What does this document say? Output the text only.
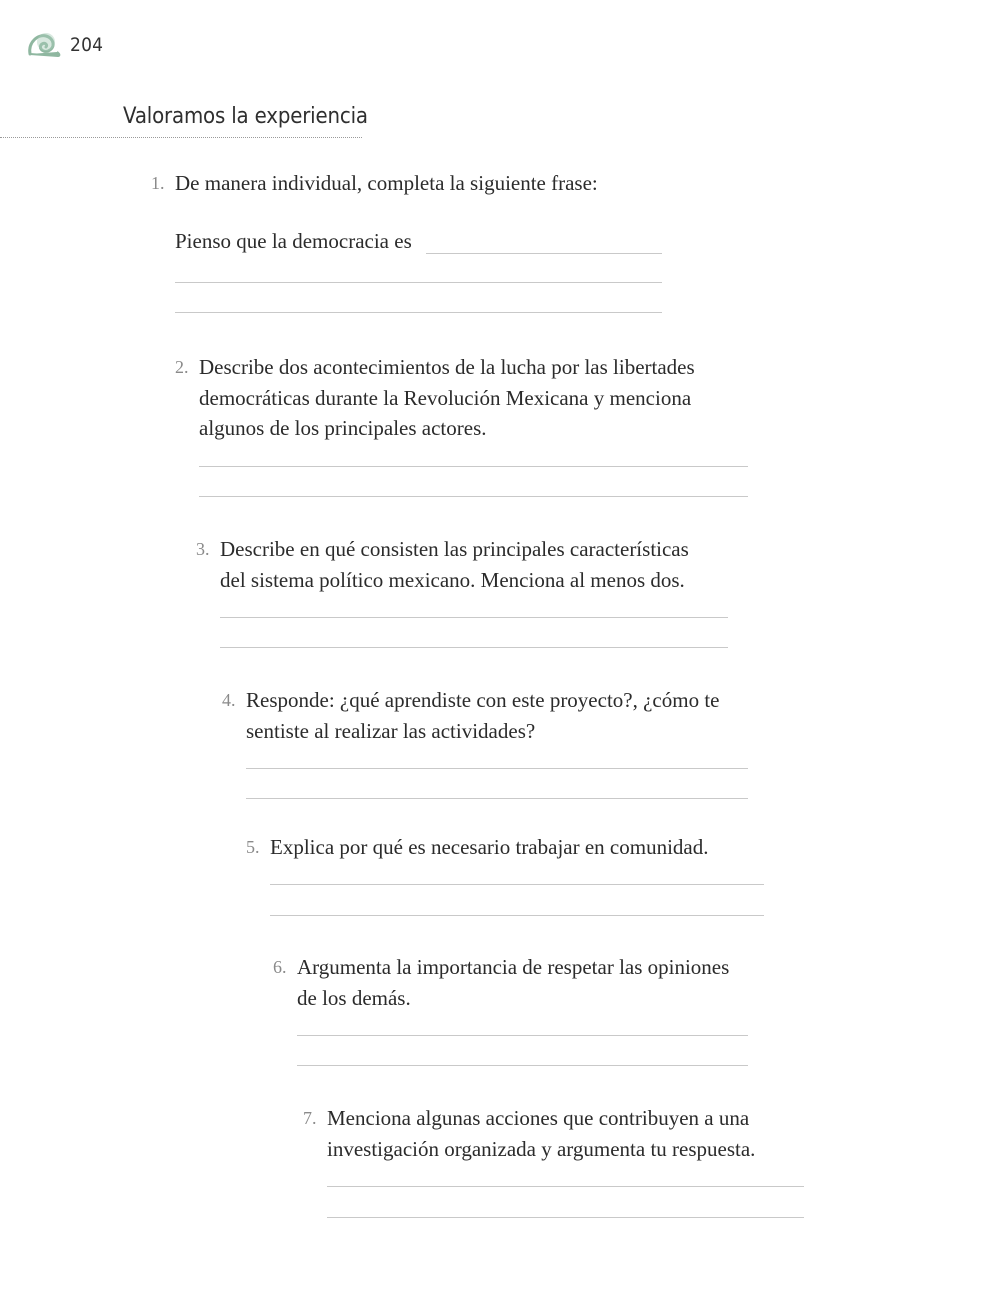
204
Valoramos la experiencia
1. De manera individual, completa la siguiente frase:
Pienso que la democracia es
2. Describe dos acontecimientos de la lucha por las libertades
democráticas durante la Revolución Mexicana y menciona
algunos de los principales actores.
3. Describe en qué consisten las principales características
del sistema político mexicano. Menciona al menos dos.
4. Responde: ¿qué aprendiste con este proyecto?, ¿cómo te
sentiste al realizar las actividades?
5. Explica por qué es necesario trabajar en comunidad.
6. Argumenta la importancia de respetar las opiniones
de los demás.
7. Menciona algunas acciones que contribuyen a una
investigación organizada y argumenta tu respuesta.
